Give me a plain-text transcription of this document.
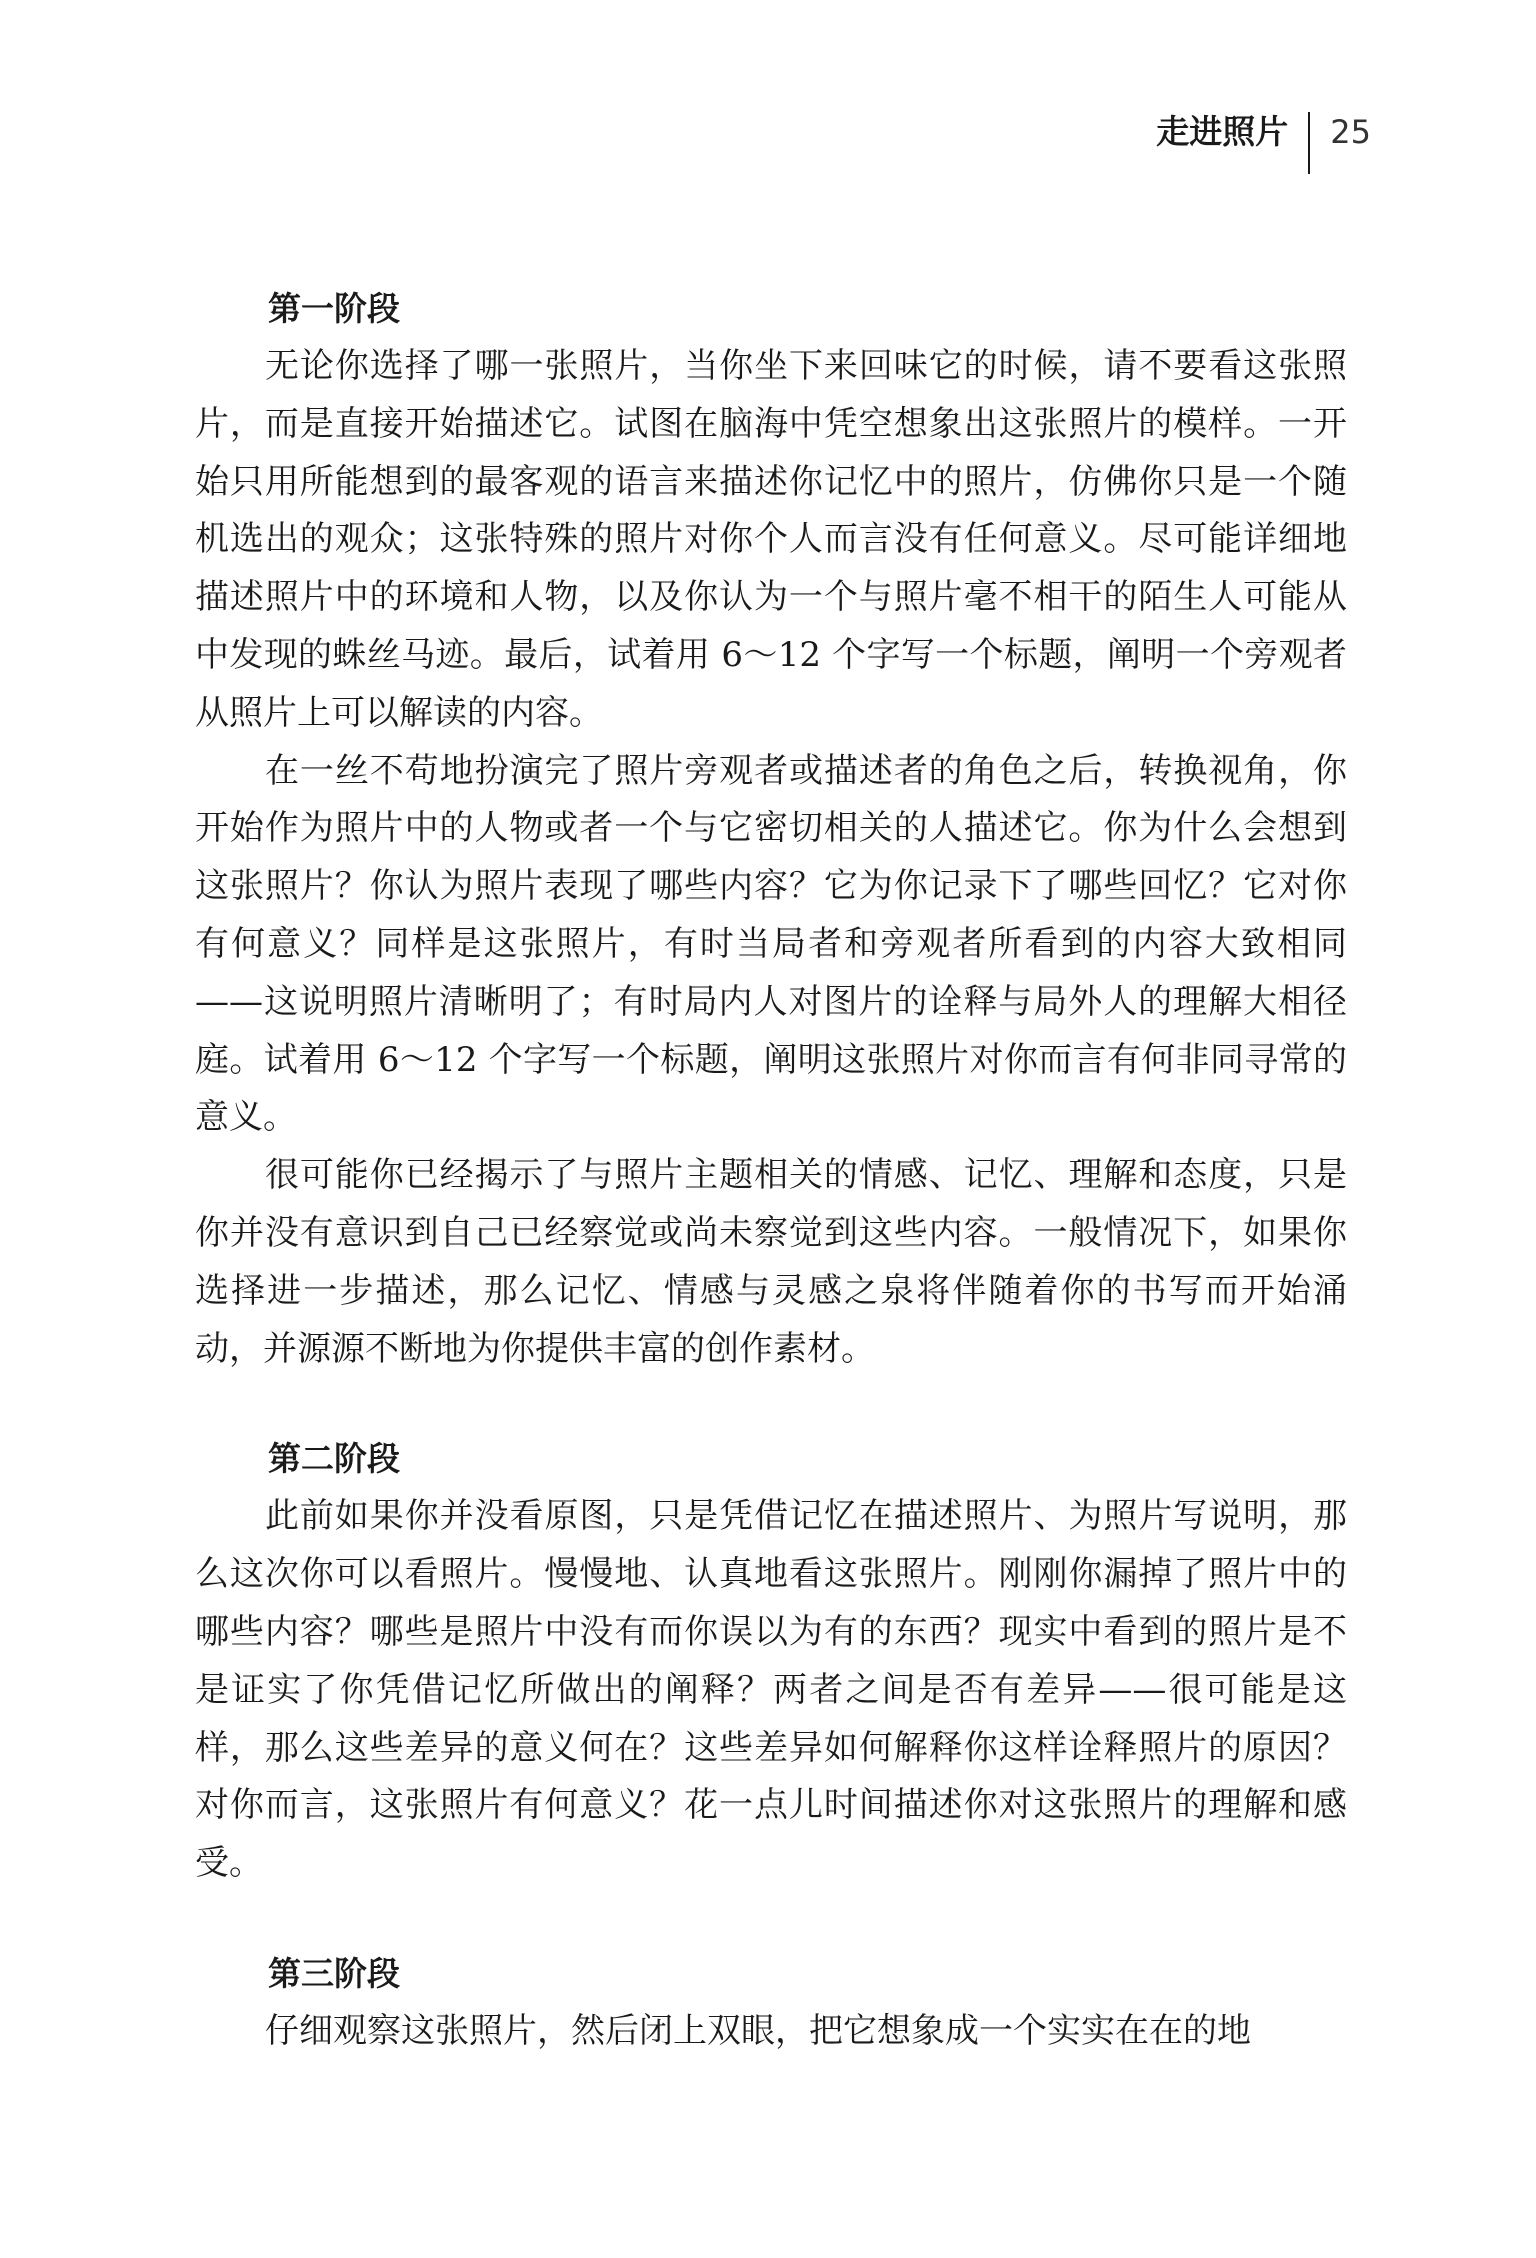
走进照片 25
第一阶段

无论你选择了哪一张照片，当你坐下来回味它的时候，请不要看这张照片，而是直接开始描述它。试图在脑海中凭空想象出这张照片的模样。一开始只用所能想到的最客观的语言来描述你记忆中的照片，仿佛你只是一个随机选出的观众；这张特殊的照片对你个人而言没有任何意义。尽可能详细地描述照片中的环境和人物，以及你认为一个与照片毫不相干的陌生人可能从中发现的蛛丝马迹。最后，试着用 6～12 个字写一个标题，阐明一个旁观者从照片上可以解读的内容。

在一丝不苟地扮演完了照片旁观者或描述者的角色之后，转换视角，你开始作为照片中的人物或者一个与它密切相关的人描述它。你为什么会想到这张照片？你认为照片表现了哪些内容？它为你记录下了哪些回忆？它对你有何意义？同样是这张照片，有时当局者和旁观者所看到的内容大致相同——这说明照片清晰明了；有时局内人对图片的诠释与局外人的理解大相径庭。试着用 6～12 个字写一个标题，阐明这张照片对你而言有何非同寻常的意义。

很可能你已经揭示了与照片主题相关的情感、记忆、理解和态度，只是你并没有意识到自己已经察觉或尚未察觉到这些内容。一般情况下，如果你选择进一步描述，那么记忆、情感与灵感之泉将伴随着你的书写而开始涌动，并源源不断地为你提供丰富的创作素材。

第二阶段

此前如果你并没看原图，只是凭借记忆在描述照片、为照片写说明，那么这次你可以看照片。慢慢地、认真地看这张照片。刚刚你漏掉了照片中的哪些内容？哪些是照片中没有而你误以为有的东西？现实中看到的照片是不是证实了你凭借记忆所做出的阐释？两者之间是否有差异——很可能是这样，那么这些差异的意义何在？这些差异如何解释你这样诠释照片的原因？对你而言，这张照片有何意义？花一点儿时间描述你对这张照片的理解和感受。

第三阶段

仔细观察这张照片，然后闭上双眼，把它想象成一个实实在在的地
